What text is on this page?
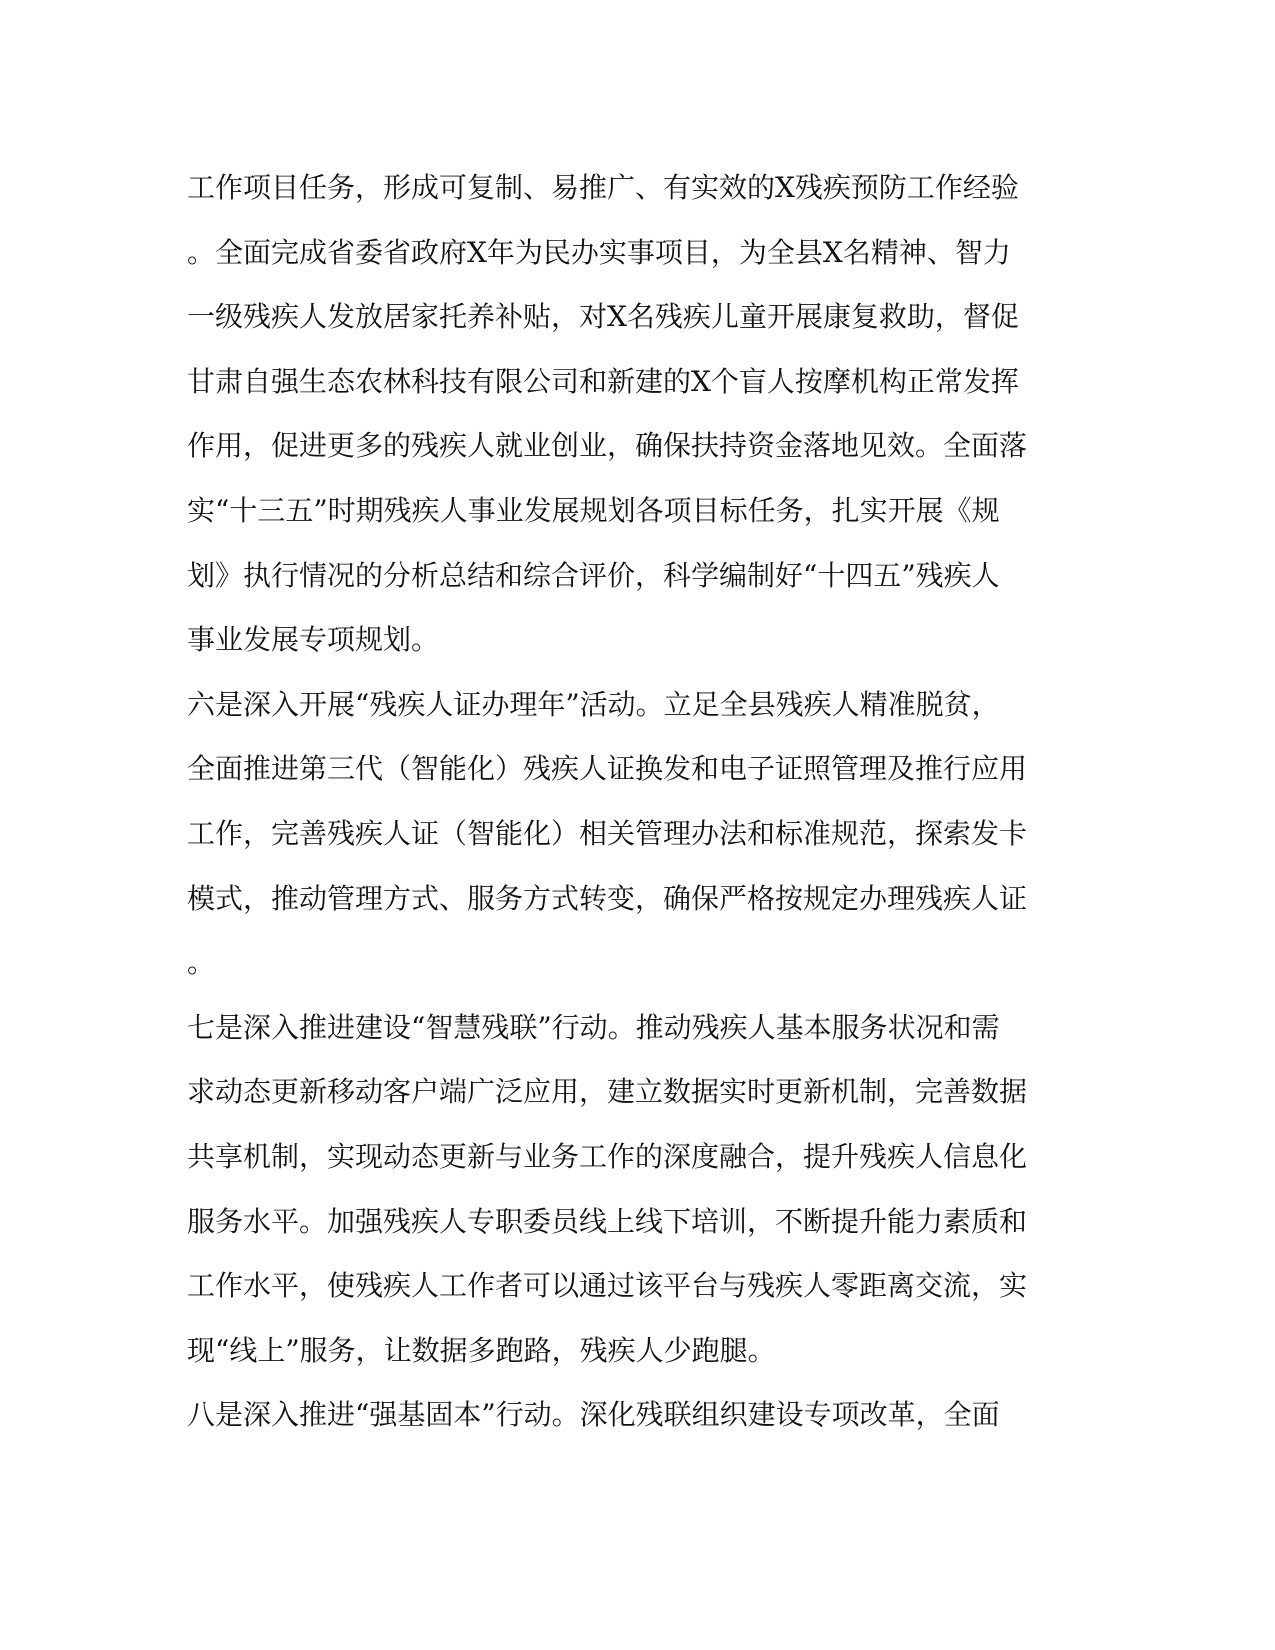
工作项目任务，形成可复制、易推广、有实效的X残疾预防工作经验
。全面完成省委省政府X年为民办实事项目，为全县X名精神、智力
一级残疾人发放居家托养补贴，对X名残疾儿童开展康复救助，督促
甘肃自强生态农林科技有限公司和新建的X个盲人按摩机构正常发挥
作用，促进更多的残疾人就业创业，确保扶持资金落地见效。全面落
实“十三五”时期残疾人事业发展规划各项目标任务，扎实开展《规
划》执行情况的分析总结和综合评价，科学编制好“十四五”残疾人
事业发展专项规划。
六是深入开展“残疾人证办理年”活动。立足全县残疾人精准脱贫，
全面推进第三代（智能化）残疾人证换发和电子证照管理及推行应用
工作，完善残疾人证（智能化）相关管理办法和标准规范，探索发卡
模式，推动管理方式、服务方式转变，确保严格按规定办理残疾人证
。
七是深入推进建设“智慧残联”行动。推动残疾人基本服务状况和需
求动态更新移动客户端广泛应用，建立数据实时更新机制，完善数据
共享机制，实现动态更新与业务工作的深度融合，提升残疾人信息化
服务水平。加强残疾人专职委员线上线下培训，不断提升能力素质和
工作水平，使残疾人工作者可以通过该平台与残疾人零距离交流，实
现“线上”服务，让数据多跑路，残疾人少跑腿。
八是深入推进“强基固本”行动。深化残联组织建设专项改革，全面
